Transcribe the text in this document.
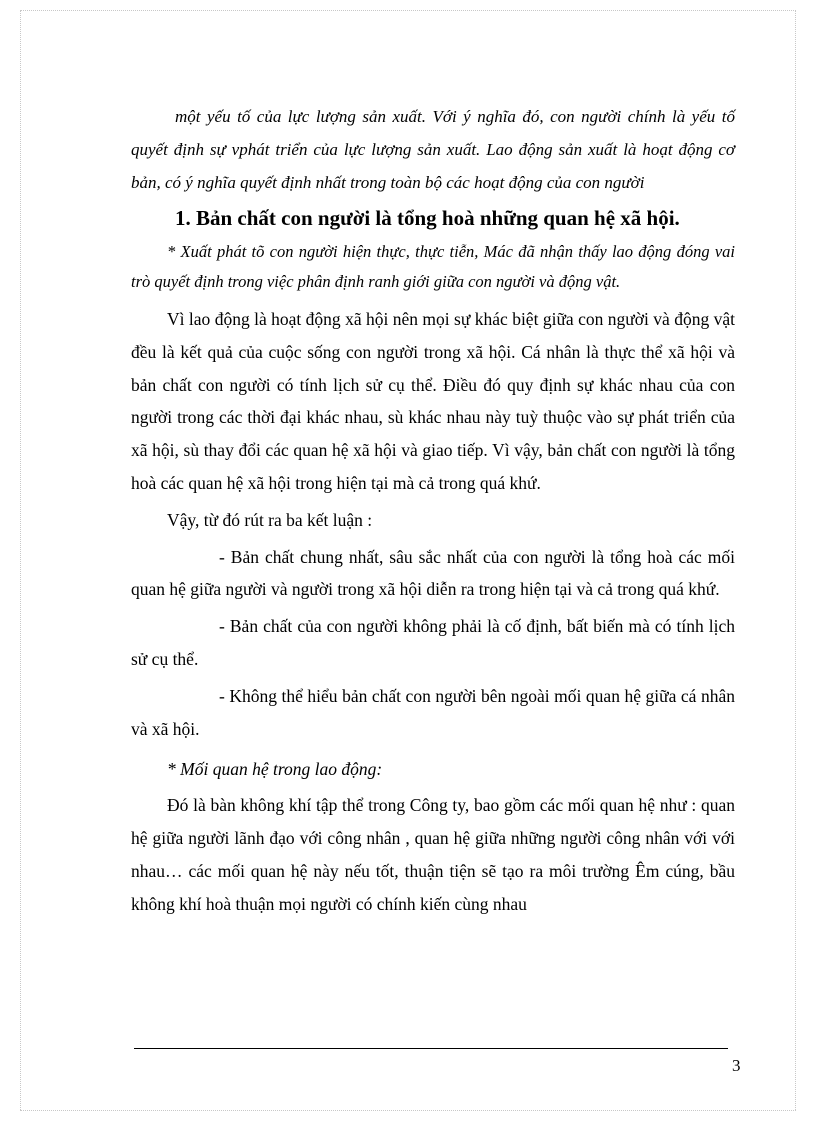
một yếu tố của lực lượng sản xuất. Với ý nghĩa đó, con người chính là yếu tố quyết định sự vphát triển của lực lượng sản xuất. Lao động sản xuất là hoạt động cơ bản, có ý nghĩa quyết định nhất trong toàn bộ các hoạt động của con người

1. Bản chất con người là tổng hoà những quan hệ xã hội.

* Xuất phát tõ con người hiện thực, thực tiễn, Mác đã nhận thấy lao động đóng vai trò quyết định trong việc phân định ranh giới giữa con người và động vật.

Vì lao động là hoạt động xã hội nên mọi sự khác biệt giữa con người và động vật đều là kết quả của cuộc sống con người trong xã hội. Cá nhân là thực thể xã hội và bản chất con người có tính lịch sử cụ thể. Điều đó quy định sự khác nhau của con người trong các thời đại khác nhau, sù khác nhau này tuỳ thuộc vào sự phát triển của xã hội, sù thay đổi các quan hệ xã hội và giao tiếp. Vì vậy, bản chất con người là tổng hoà các quan hệ xã hội trong hiện tại mà cả trong quá khứ.

Vậy, từ đó rút ra ba kết luận :

- Bản chất chung nhất, sâu sắc nhất của con người là tổng hoà các mối quan hệ giữa người và người trong xã hội diễn ra trong hiện tại và cả trong quá khứ.

- Bản chất của con người không phải là cố định, bất biến mà có tính lịch sử cụ thể.

- Không thể hiểu bản chất con người bên ngoài mối quan hệ giữa cá nhân và xã hội.

* Mối quan hệ trong lao động:

Đó là bàn không khí tập thể trong Công ty, bao gồm các mối quan hệ như : quan hệ giữa người lãnh đạo với công nhân , quan hệ giữa những người công nhân với với nhau… các mối quan hệ này nếu tốt, thuận tiện sẽ tạo ra môi trường Êm cúng, bầu không khí hoà thuận mọi người có chính kiến cùng nhau

3
